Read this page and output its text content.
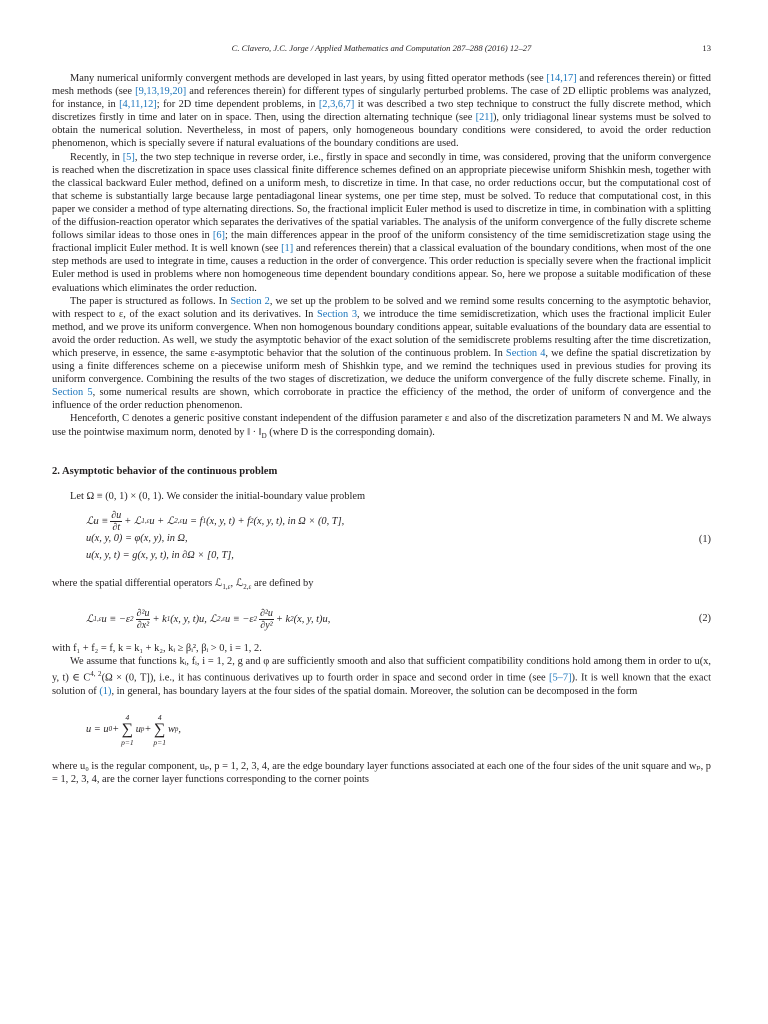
C. Clavero, J.C. Jorge / Applied Mathematics and Computation 287–288 (2016) 12–27	13

Many numerical uniformly convergent methods are developed in last years, by using fitted operator methods (see [14,17] and references therein) or fitted mesh methods (see [9,13,19,20] and references therein) for different types of singularly perturbed problems. The case of 2D elliptic problems was analyzed, for instance, in [4,11,12]; for 2D time dependent problems, in [2,3,6,7] it was described a two step technique to construct the fully discrete method, which discretizes firstly in time and later on in space. Then, using the direction alternating technique (see [21]), only tridiagonal linear systems must be solved to obtain the numerical solution. Nevertheless, in most of papers, only homogeneous boundary conditions were considered, to avoid the order reduction phenomenon, which is specially severe if natural evaluations of the boundary conditions are used.

Recently, in [5], the two step technique in reverse order, i.e., firstly in space and secondly in time, was considered, proving that the uniform convergence is reached when the discretization in space uses classical finite difference schemes defined on an appropriate piecewise uniform Shishkin mesh, together with the classical backward Euler method, defined on a uniform mesh, to discretize in time. In that case, no order reductions occur, but the computational cost of that scheme is substantially large because large pentadiagonal linear systems, one per time step, must be solved. To reduce that computational cost, in this paper we consider a method of type alternating directions. So, the fractional implicit Euler method is used to discretize in time, in combination with a splitting of the diffusion-reaction operator which separates the derivatives of the spatial variables. The analysis of the uniform convergence of the fully discrete scheme follows similar ideas to those ones in [6]; the main differences appear in the proof of the uniform consistency of the time semidiscretization stage using the fractional implicit Euler method. It is well known (see [1] and references therein) that a classical evaluation of the boundary conditions, when most of the one step methods are used to integrate in time, causes a reduction in the order of convergence. This order reduction is specially severe when the fractional implicit Euler method is used in problems where non homogeneous time dependent boundary conditions appear. So, here we propose a suitable modification of these evaluations which eliminates the order reduction.

The paper is structured as follows. In Section 2, we set up the problem to be solved and we remind some results concerning to the asymptotic behavior, with respect to ε, of the exact solution and its derivatives. In Section 3, we introduce the time semidiscretization, which uses the fractional implicit Euler method, and we prove its uniform convergence. When non homogenous boundary conditions appear, suitable evaluations of the boundary data are essential to avoid the order reduction. As well, we study the asymptotic behavior of the exact solution of the semidiscrete problems resulting after the time discretization, which preserve, in essence, the same ε-asymptotic behavior that the solution of the continuous problem. In Section 4, we define the spatial discretization by using a finite differences scheme on a piecewise uniform mesh of Shishkin type, and we remind the techniques used in previous studies for proving its uniform convergence. Combining the results of the two stages of discretization, we deduce the uniform convergence of the fully discrete scheme. Finally, in Section 5, some numerical results are shown, which corroborate in practice the efficiency of the method, the order of uniform of convergence and the influence of the order reduction phenomenon.

Henceforth, C denotes a generic positive constant independent of the diffusion parameter ε and also of the discretization parameters N and M. We always use the pointwise maximum norm, denoted by ‖ · $‖_D$ (where D is the corresponding domain).

2. Asymptotic behavior of the continuous problem

Let Ω ≡ (0, 1) × (0, 1). We consider the initial-boundary value problem

ℒu ≡ $\frac{\partial u}{\partial t}$ + ℒ 1,ε u + ℒ 2,ε u = f 1 (x, y, t) + f 2 (x, y, t), in Ω × (0, T],
u(x, y, 0) = φ(x, y), in Ω,
u(x, y, t) = g(x, y, t), in ∂Ω × [0, T],
(1)

where the spatial differential operators ℒ$_{1,\varepsilon}$, ℒ$_{2,\varepsilon}$ are defined by

ℒ 1,ε u ≡ −ε $2 \frac{\text{∂²u}}{\text{∂x²}} + k$ 1 (x, y, t)u, ℒ 2,ε u ≡ −ε $2 \frac{\text{∂²u}}{\text{∂y²}} + k$ 2 (x, y, t)u,	(2)

with f₁ + f₂ = f, k = k₁ + k₂, kᵢ ≥ βᵢ², βᵢ > 0, i = 1, 2.

We assume that functions kᵢ, fᵢ, i = 1, 2, g and φ are sufficiently smooth and also that sufficient compatibility conditions hold among them in order to u(x, y, t) ∈ C$^{4, 2}$(Ω × (0, T]), i.e., it has continuous derivatives up to fourth order in space and second order in time (see [5–7]). It is well known that the exact solution of (1), in general, has boundary layers at the four sides of the spatial domain. Moreover, the solution can be decomposed in the form

u = u 0 +
4
∑
p=1
u p +
4
∑
p=1
w p ,

where u₀ is the regular component, uₚ, p = 1, 2, 3, 4, are the edge boundary layer functions associated at each one of the four sides of the unit square and wₚ, p = 1, 2, 3, 4, are the corner layer functions corresponding to the corner points
